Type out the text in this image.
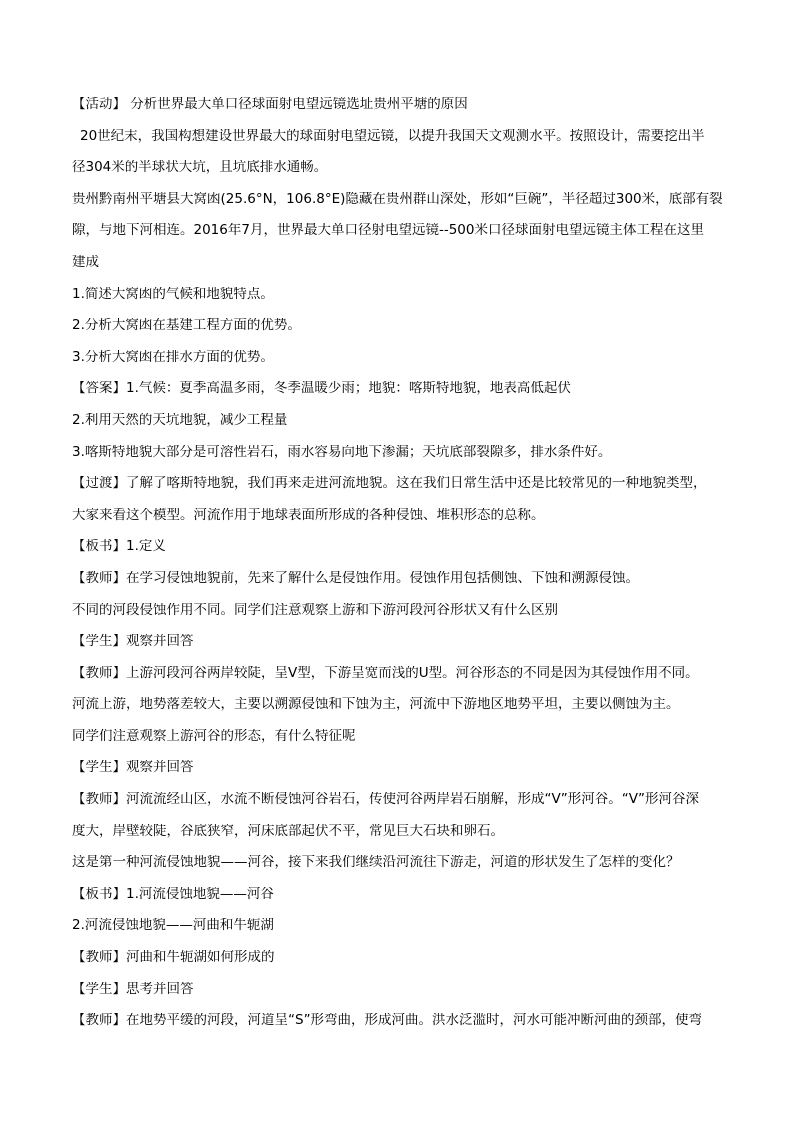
【活动】 分析世界最大单口径球面射电望远镜选址贵州平塘的原因
20世纪末，我国构想建设世界最大的球面射电望远镜，以提升我国天文观测水平。按照设计，需要挖出半
径304米的半球状大坑，且坑底排水通畅。
贵州黔南州平塘县大窝凼(25.6°N，106.8°E)隐藏在贵州群山深处，形如“巨碗”，半径超过300米，底部有裂
隙，与地下河相连。2016年7月，世界最大单口径射电望远镜--500米口径球面射电望远镜主体工程在这里
建成
1.简述大窝凼的气候和地貌特点。
2.分析大窝凼在基建工程方面的优势。
3.分析大窝凼在排水方面的优势。
【答案】1.气候：夏季高温多雨，冬季温暖少雨；地貌：喀斯特地貌，地表高低起伏
2.利用天然的天坑地貌，减少工程量
3.喀斯特地貌大部分是可溶性岩石，雨水容易向地下渗漏；天坑底部裂隙多，排水条件好。
【过渡】了解了喀斯特地貌，我们再来走进河流地貌。这在我们日常生活中还是比较常见的一种地貌类型，
大家来看这个模型。河流作用于地球表面所形成的各种侵蚀、堆积形态的总称。
【板书】1.定义
【教师】在学习侵蚀地貌前，先来了解什么是侵蚀作用。侵蚀作用包括侧蚀、下蚀和溯源侵蚀。
不同的河段侵蚀作用不同。同学们注意观察上游和下游河段河谷形状又有什么区别
【学生】观察并回答
【教师】上游河段河谷两岸较陡，呈V型，下游呈宽而浅的U型。河谷形态的不同是因为其侵蚀作用不同。
河流上游，地势落差较大，主要以溯源侵蚀和下蚀为主，河流中下游地区地势平坦，主要以侧蚀为主。
同学们注意观察上游河谷的形态，有什么特征呢
【学生】观察并回答
【教师】河流流经山区，水流不断侵蚀河谷岩石，传使河谷两岸岩石崩解，形成“V”形河谷。“V”形河谷深
度大，岸壁较陡，谷底狭窄，河床底部起伏不平，常见巨大石块和卵石。
这是第一种河流侵蚀地貌——河谷，接下来我们继续沿河流往下游走，河道的形状发生了怎样的变化？
【板书】1.河流侵蚀地貌——河谷
2.河流侵蚀地貌——河曲和牛轭湖
【教师】河曲和牛轭湖如何形成的
【学生】思考并回答
【教师】在地势平缓的河段，河道呈“S”形弯曲，形成河曲。洪水泛滥时，河水可能冲断河曲的颈部，使弯
